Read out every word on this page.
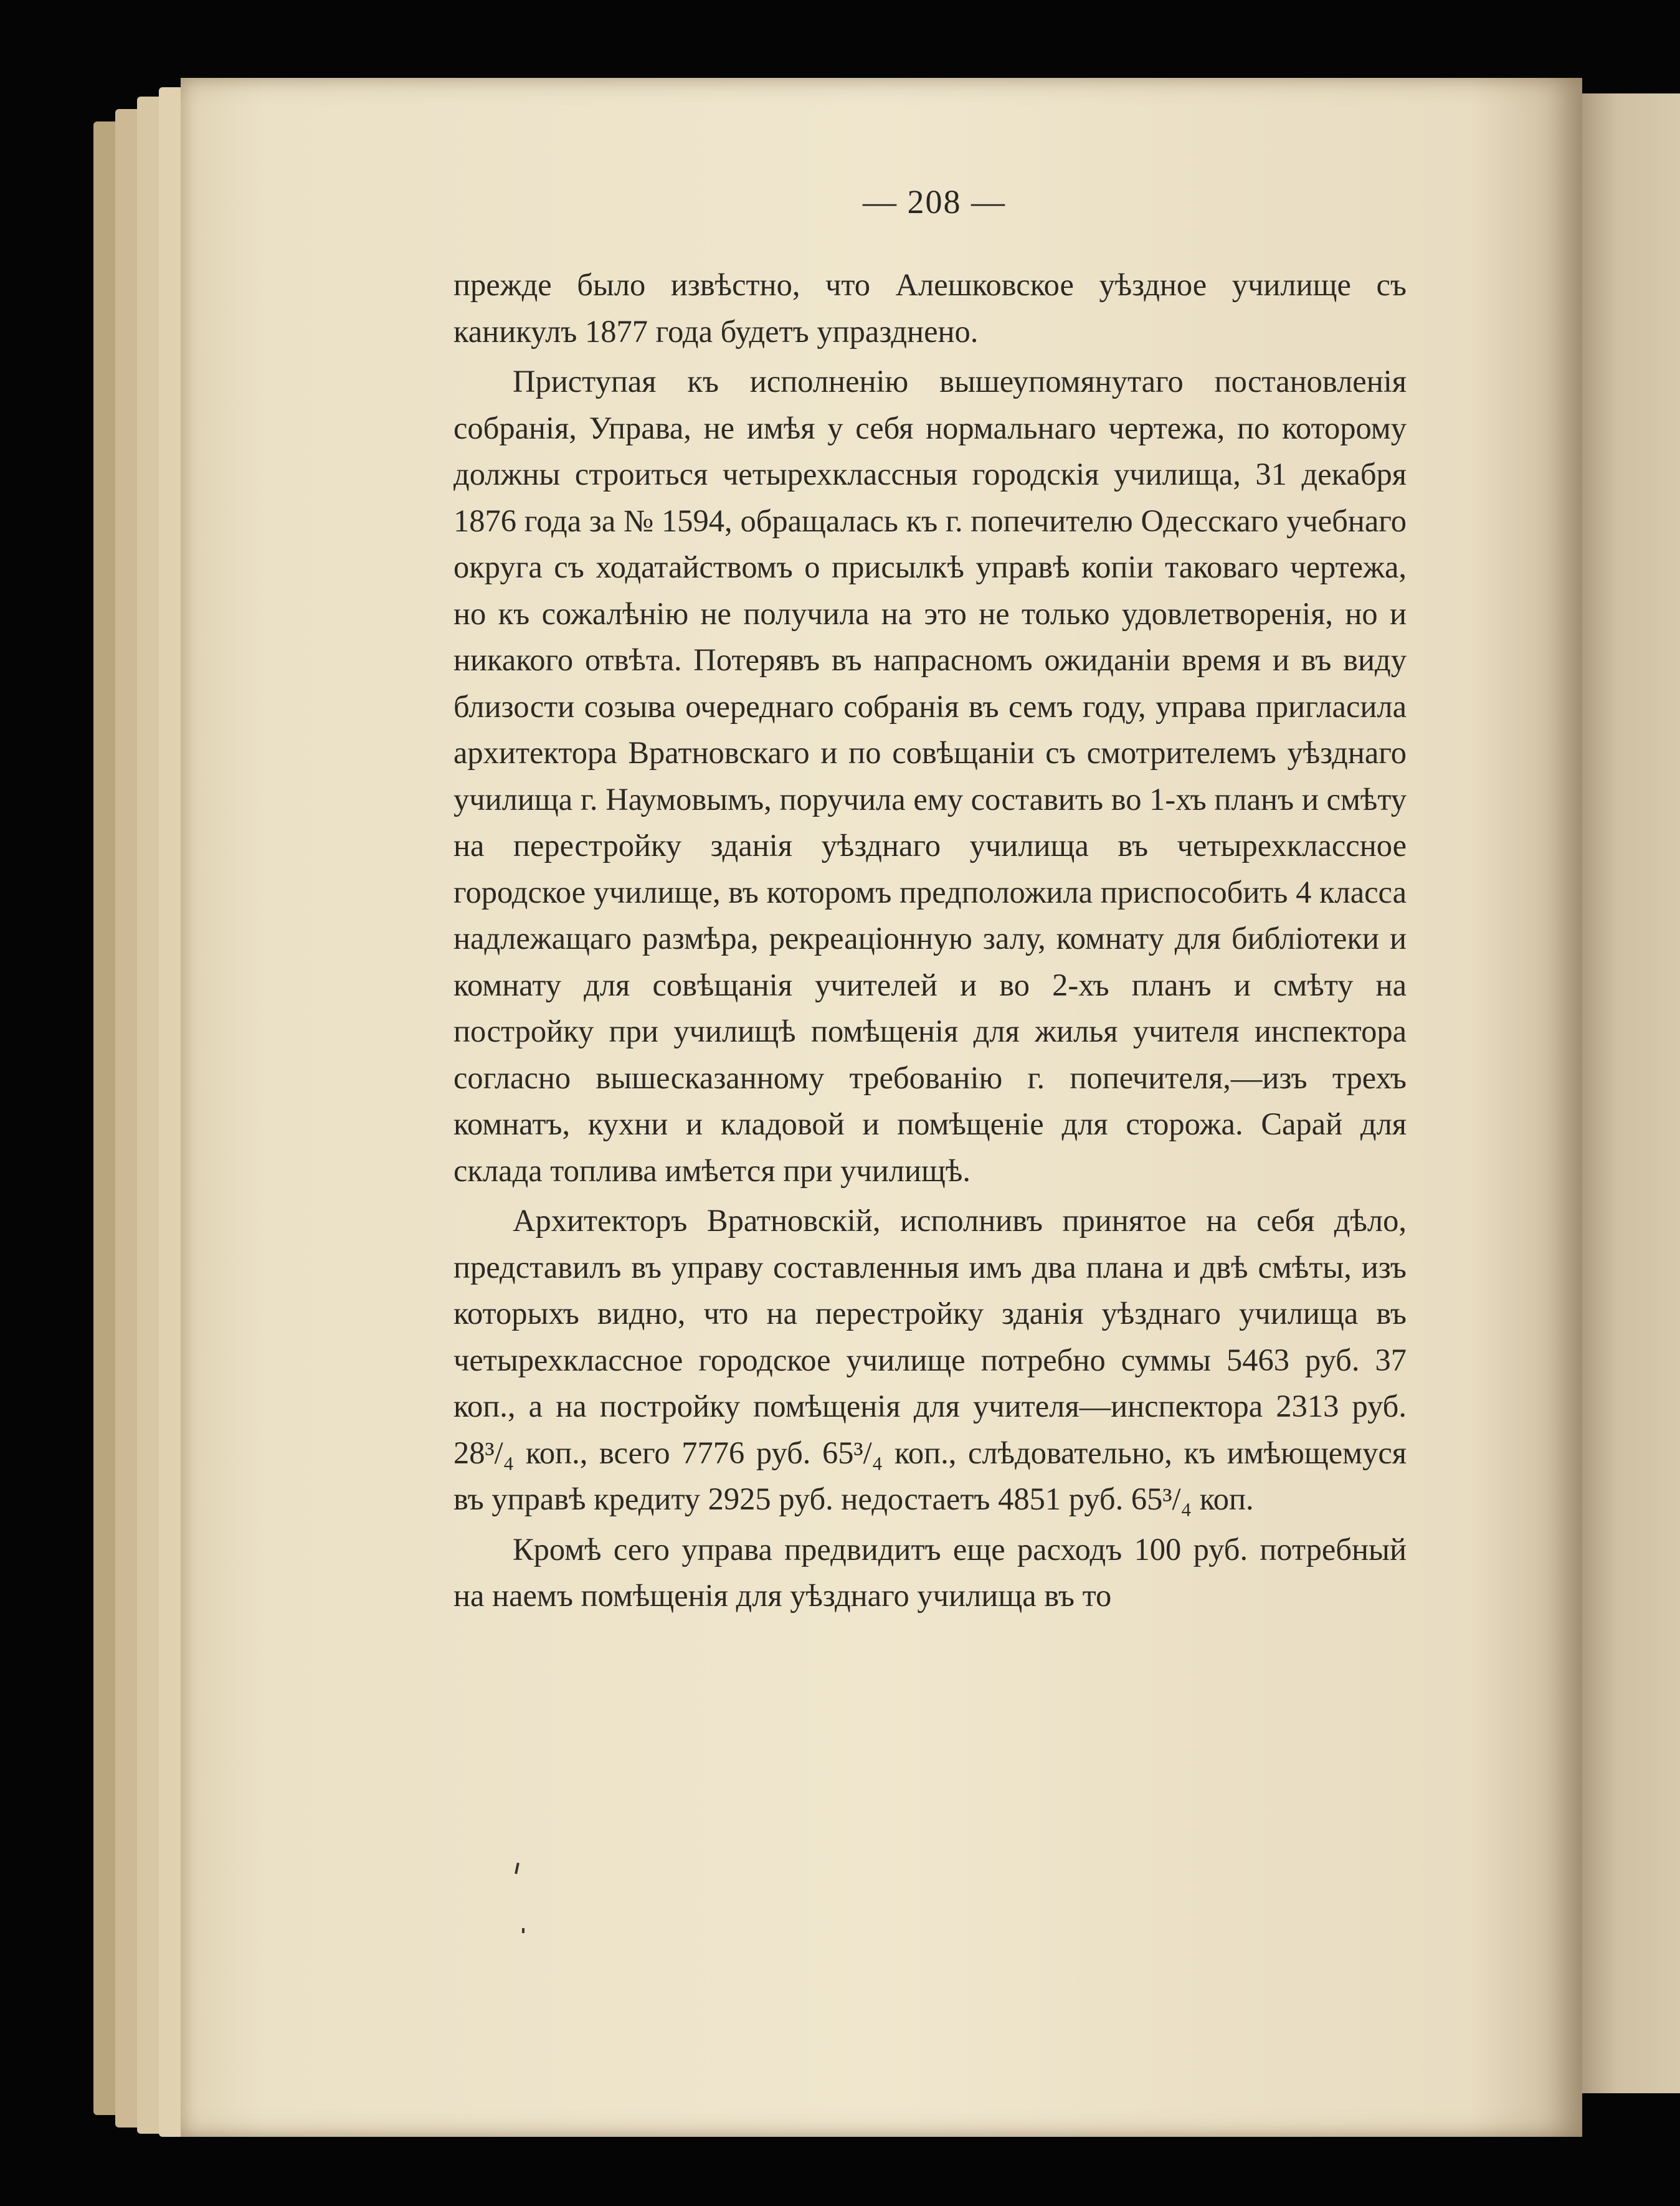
— 208 —

прежде было извѣстно, что Алешковское уѣздное училище съ каникулъ 1877 года будетъ упразднено.

Приступая къ исполненію вышеупомянутаго постановленія собранія, Управа, не имѣя у себя нормальнаго чертежа, по которому должны строиться четырехклассныя городскія училища, 31 декабря 1876 года за № 1594, обращалась къ г. попечителю Одесскаго учебнаго округа съ ходатайствомъ о присылкѣ управѣ копіи таковаго чертежа, но къ сожалѣнію не получила на это не только удовлетворенія, но и никакого отвѣта. Потерявъ въ напрасномъ ожиданіи время и въ виду близости созыва очереднаго собранія въ семъ году, управа пригласила архитектора Вратновскаго и по совѣщаніи съ смотрителемъ уѣзднаго училища г. Наумовымъ, поручила ему составить во 1-хъ планъ и смѣту на перестройку зданія уѣзднаго училища въ четырехклассное городское училище, въ которомъ предположила приспособить 4 класса надлежащаго размѣра, рекреаціонную залу, комнату для библіотеки и комнату для совѣщанія учителей и во 2-хъ планъ и смѣту на постройку при училищѣ помѣщенія для жилья учителя инспектора согласно вышесказанному требованію г. попечителя,—изъ трехъ комнатъ, кухни и кладовой и помѣщеніе для сторожа. Сарай для склада топлива имѣется при училищѣ.

Архитекторъ Вратновскій, исполнивъ принятое на себя дѣло, представилъ въ управу составленныя имъ два плана и двѣ смѣты, изъ которыхъ видно, что на перестройку зданія уѣзднаго училища въ четырехклассное городское училище потребно суммы 5463 руб. 37 коп., а на постройку помѣщенія для учителя—инспектора 2313 руб. 28³/₄ коп., всего 7776 руб. 65³/₄ коп., слѣдовательно, къ имѣющемуся въ управѣ кредиту 2925 руб. недостаетъ 4851 руб. 65³/₄ коп.

Кромѣ сего управа предвидитъ еще расходъ 100 руб. потребный на наемъ помѣщенія для уѣзднаго училища въ то
